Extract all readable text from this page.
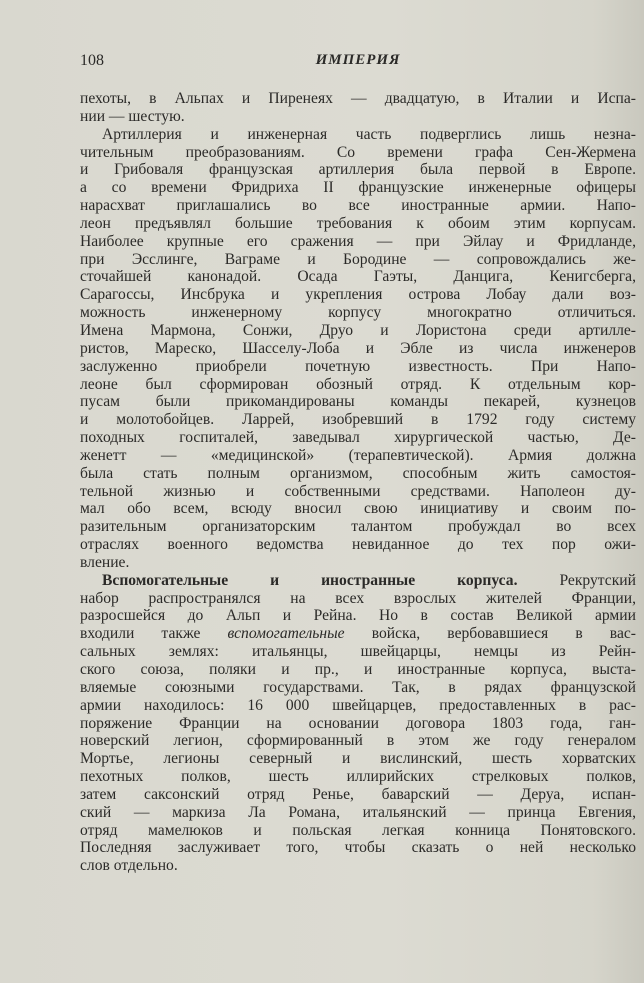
108	ИМПЕРИЯ
пехоты, в Альпах и Пиренеях — двадцатую, в Италии и Испа-
нии — шестую.
Артиллерия и инженерная часть подверглись лишь незна-
чительным преобразованиям. Со времени графа Сен-Жермена
и Грибоваля французская артиллерия была первой в Европе.
а со времени Фридриха II французские инженерные офицеры
нарасхват приглашались во все иностранные армии. Напо-
леон предъявлял большие требования к обоим этим корпусам.
Наиболее крупные его сражения — при Эйлау и Фридланде,
при Эсслинге, Ваграме и Бородине — сопровождались же-
сточайшей канонадой. Осада Гаэты, Данцига, Кенигсберга,
Сарагоссы, Инсбрука и укрепления острова Лобау дали воз-
можность инженерному корпусу многократно отличиться.
Имена Мармона, Сонжи, Друо и Лористона среди артилле-
ристов, Мареско, Шасселу-Лоба и Эбле из числа инженеров
заслуженно приобрели почетную известность. При Напо-
леоне был сформирован обозный отряд. К отдельным кор-
пусам были прикомандированы команды пекарей, кузнецов
и молотобойцев. Ларрей, изобревший в 1792 году систему
походных госпиталей, заведывал хирургической частью, Де-
женетт — «медицинской» (терапевтической). Армия должна
была стать полным организмом, способным жить самостоя-
тельной жизнью и собственными средствами. Наполеон ду-
мал обо всем, всюду вносил свою инициативу и своим по-
разительным организаторским талантом пробуждал во всех
отраслях военного ведомства невиданное до тех пор ожи-
вление.
Вспомогательные и иностранные корпуса. Рекрутский
набор распространялся на всех взрослых жителей Франции,
разросшейся до Альп и Рейна. Но в состав Великой армии
входили также вспомогательные войска, вербовавшиеся в вас-
сальных землях: итальянцы, швейцарцы, немцы из Рейн-
ского союза, поляки и пр., и иностранные корпуса, выста-
вляемые союзными государствами. Так, в рядах французской
армии находилось: 16 000 швейцарцев, предоставленных в рас-
поряжение Франции на основании договора 1803 года, ган-
новерский легион, сформированный в этом же году генералом
Мортье, легионы северный и вислинский, шесть хорватских
пехотных полков, шесть иллирийских стрелковых полков,
затем саксонский отряд Ренье, баварский — Деруа, испан-
ский — маркиза Ла Романа, итальянский — принца Евгения,
отряд мамелюков и польская легкая конница Понятовского.
Последняя заслуживает того, чтобы сказать о ней несколько
слов отдельно.
